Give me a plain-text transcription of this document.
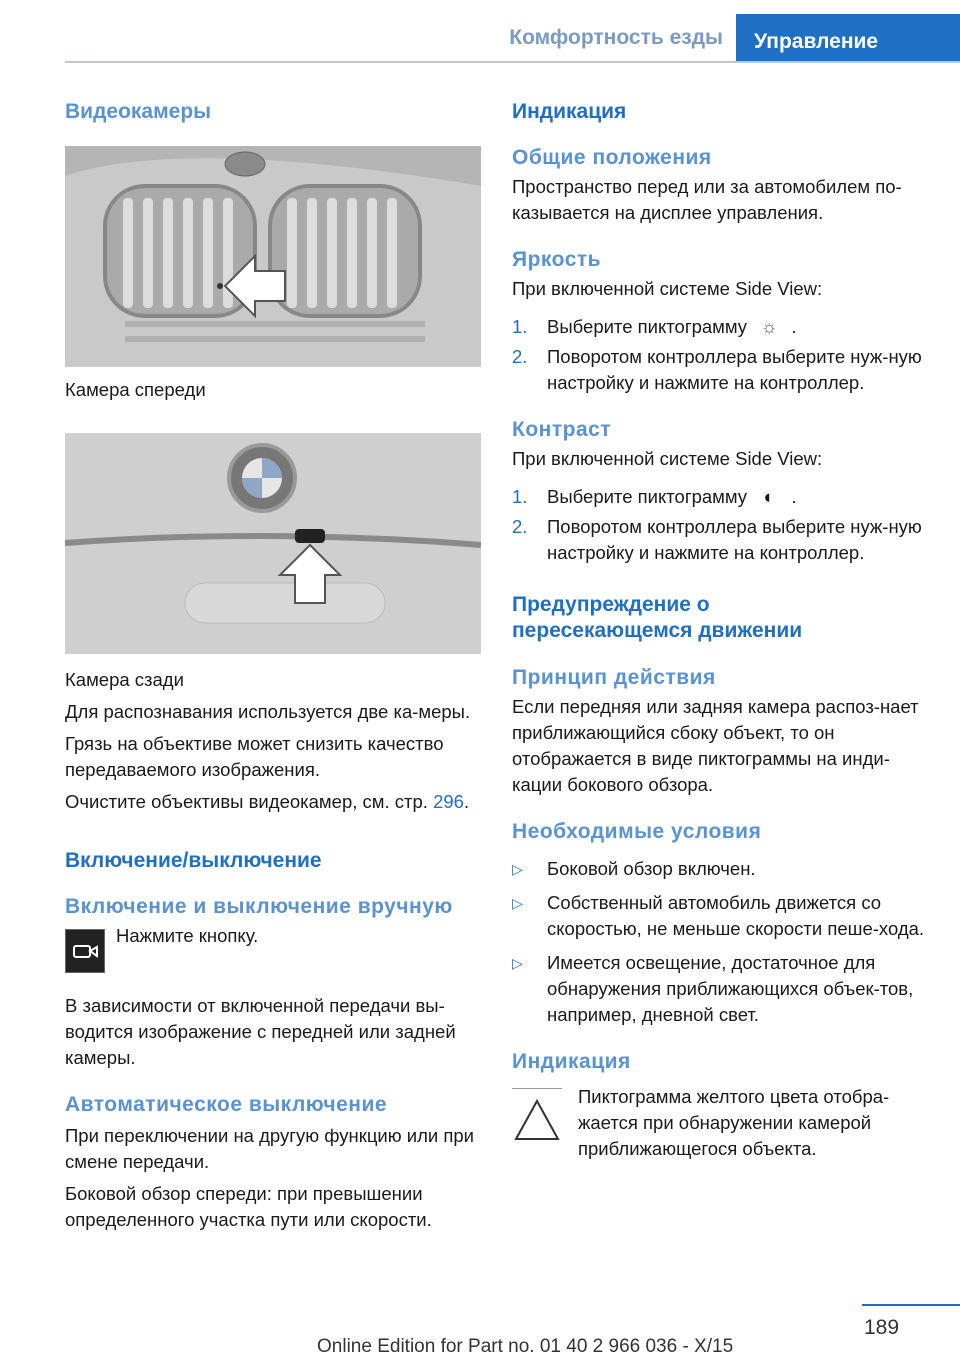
Комфортность езды	Управление
Видеокамеры

Камера спереди

Камера сзади

Для распознавания используется две ка-меры.

Грязь на объективе может снизить качество передаваемого изображения.

Очистите объективы видеокамер, см. стр. 296.

Включение/выключение
Включение и выключение вручную

Нажмите кнопку.

В зависимости от включенной передачи вы-водится изображение с передней или задней камеры.

Автоматическое выключение

При переключении на другую функцию или при смене передачи.

Боковой обзор спереди: при превышении определенного участка пути или скорости.

Индикация
Общие положения

Пространство перед или за автомобилем по-казывается на дисплее управления.

Яркость

При включенной системе Side View:

1. Выберите пиктограмму ☼ .
2. Поворотом контроллера выберите нуж-ную настройку и нажмите на контроллер.
Контраст

При включенной системе Side View:

1. Выберите пиктограмму ◐ .
2. Поворотом контроллера выберите нуж-ную настройку и нажмите на контроллер.
Предупреждение о пересекающемся движении
Принцип действия

Если передняя или задняя камера распоз-нает приближающийся сбоку объект, то он отображается в виде пиктограммы на инди-кации бокового обзора.

Необходимые условия
▷ Боковой обзор включен.
▷ Собственный автомобиль движется со скоростью, не меньше скорости пеше-хода.
▷ Имеется освещение, достаточное для обнаружения приближающихся объек-тов, например, дневной свет.
Индикация

Пиктограмма желтого цвета отобра-жается при обнаружении камерой приближающегося объекта.

189
Online Edition for Part no. 01 40 2 966 036 - X/15
